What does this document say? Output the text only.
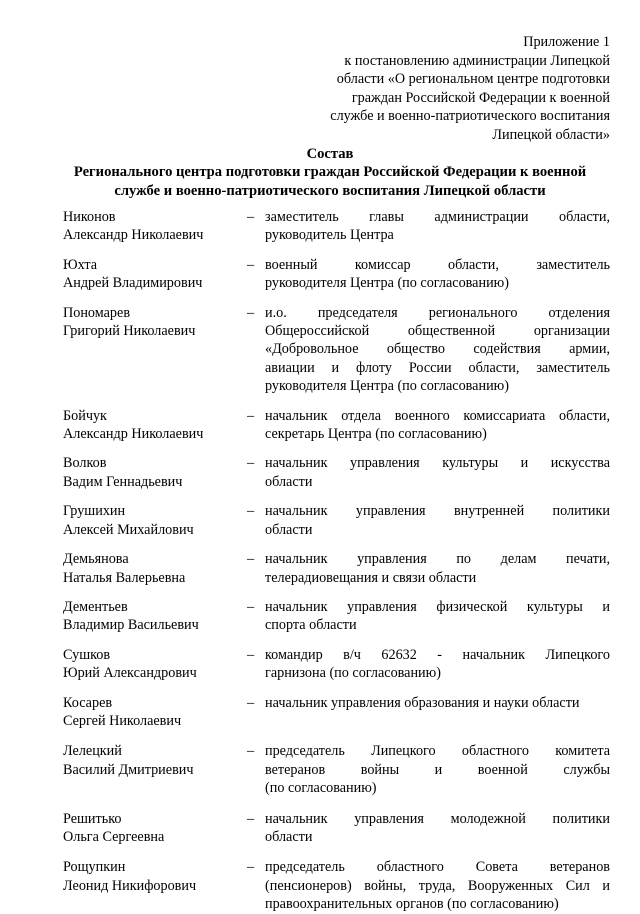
Приложение 1
к постановлению администрации Липецкой
области «О региональном центре подготовки
граждан Российской Федерации к военной
службе и военно-патриотического воспитания
Липецкой области»
Состав
Регионального центра подготовки граждан Российской Федерации к военной
службе и военно-патриотического воспитания Липецкой области
Никонов
Александр Николаевич
– заместитель главы администрации области,
руководитель Центра
Юхта
Андрей Владимирович
– военный комиссар области, заместитель
руководителя Центра (по согласованию)
Пономарев
Григорий Николаевич
– и.о. председателя регионального отделения
Общероссийской общественной организации
«Добровольное общество содействия армии,
авиации и флоту России области, заместитель
руководителя Центра (по согласованию)
Бойчук
Александр Николаевич
– начальник отдела военного комиссариата области,
секретарь Центра (по согласованию)
Волков
Вадим Геннадьевич
– начальник управления культуры и искусства
области
Грушихин
Алексей Михайлович
– начальник управления внутренней политики
области
Демьянова
Наталья Валерьевна
– начальник управления по делам печати,
телерадиовещания и связи области
Дементьев
Владимир Васильевич
– начальник управления физической культуры и
спорта области
Сушков
Юрий Александрович
– командир в/ч 62632 - начальник Липецкого
гарнизона (по согласованию)
Косарев
Сергей Николаевич
– начальник управления образования и науки области
Лелецкий
Василий Дмитриевич
– председатель Липецкого областного комитета
ветеранов войны и военной службы
(по согласованию)
Решитько
Ольга Сергеевна
– начальник управления молодежной политики
области
Рощупкин
Леонид Никифорович
– председатель областного Совета ветеранов
(пенсионеров) войны, труда, Вооруженных Сил и
правоохранительных органов (по согласованию)
